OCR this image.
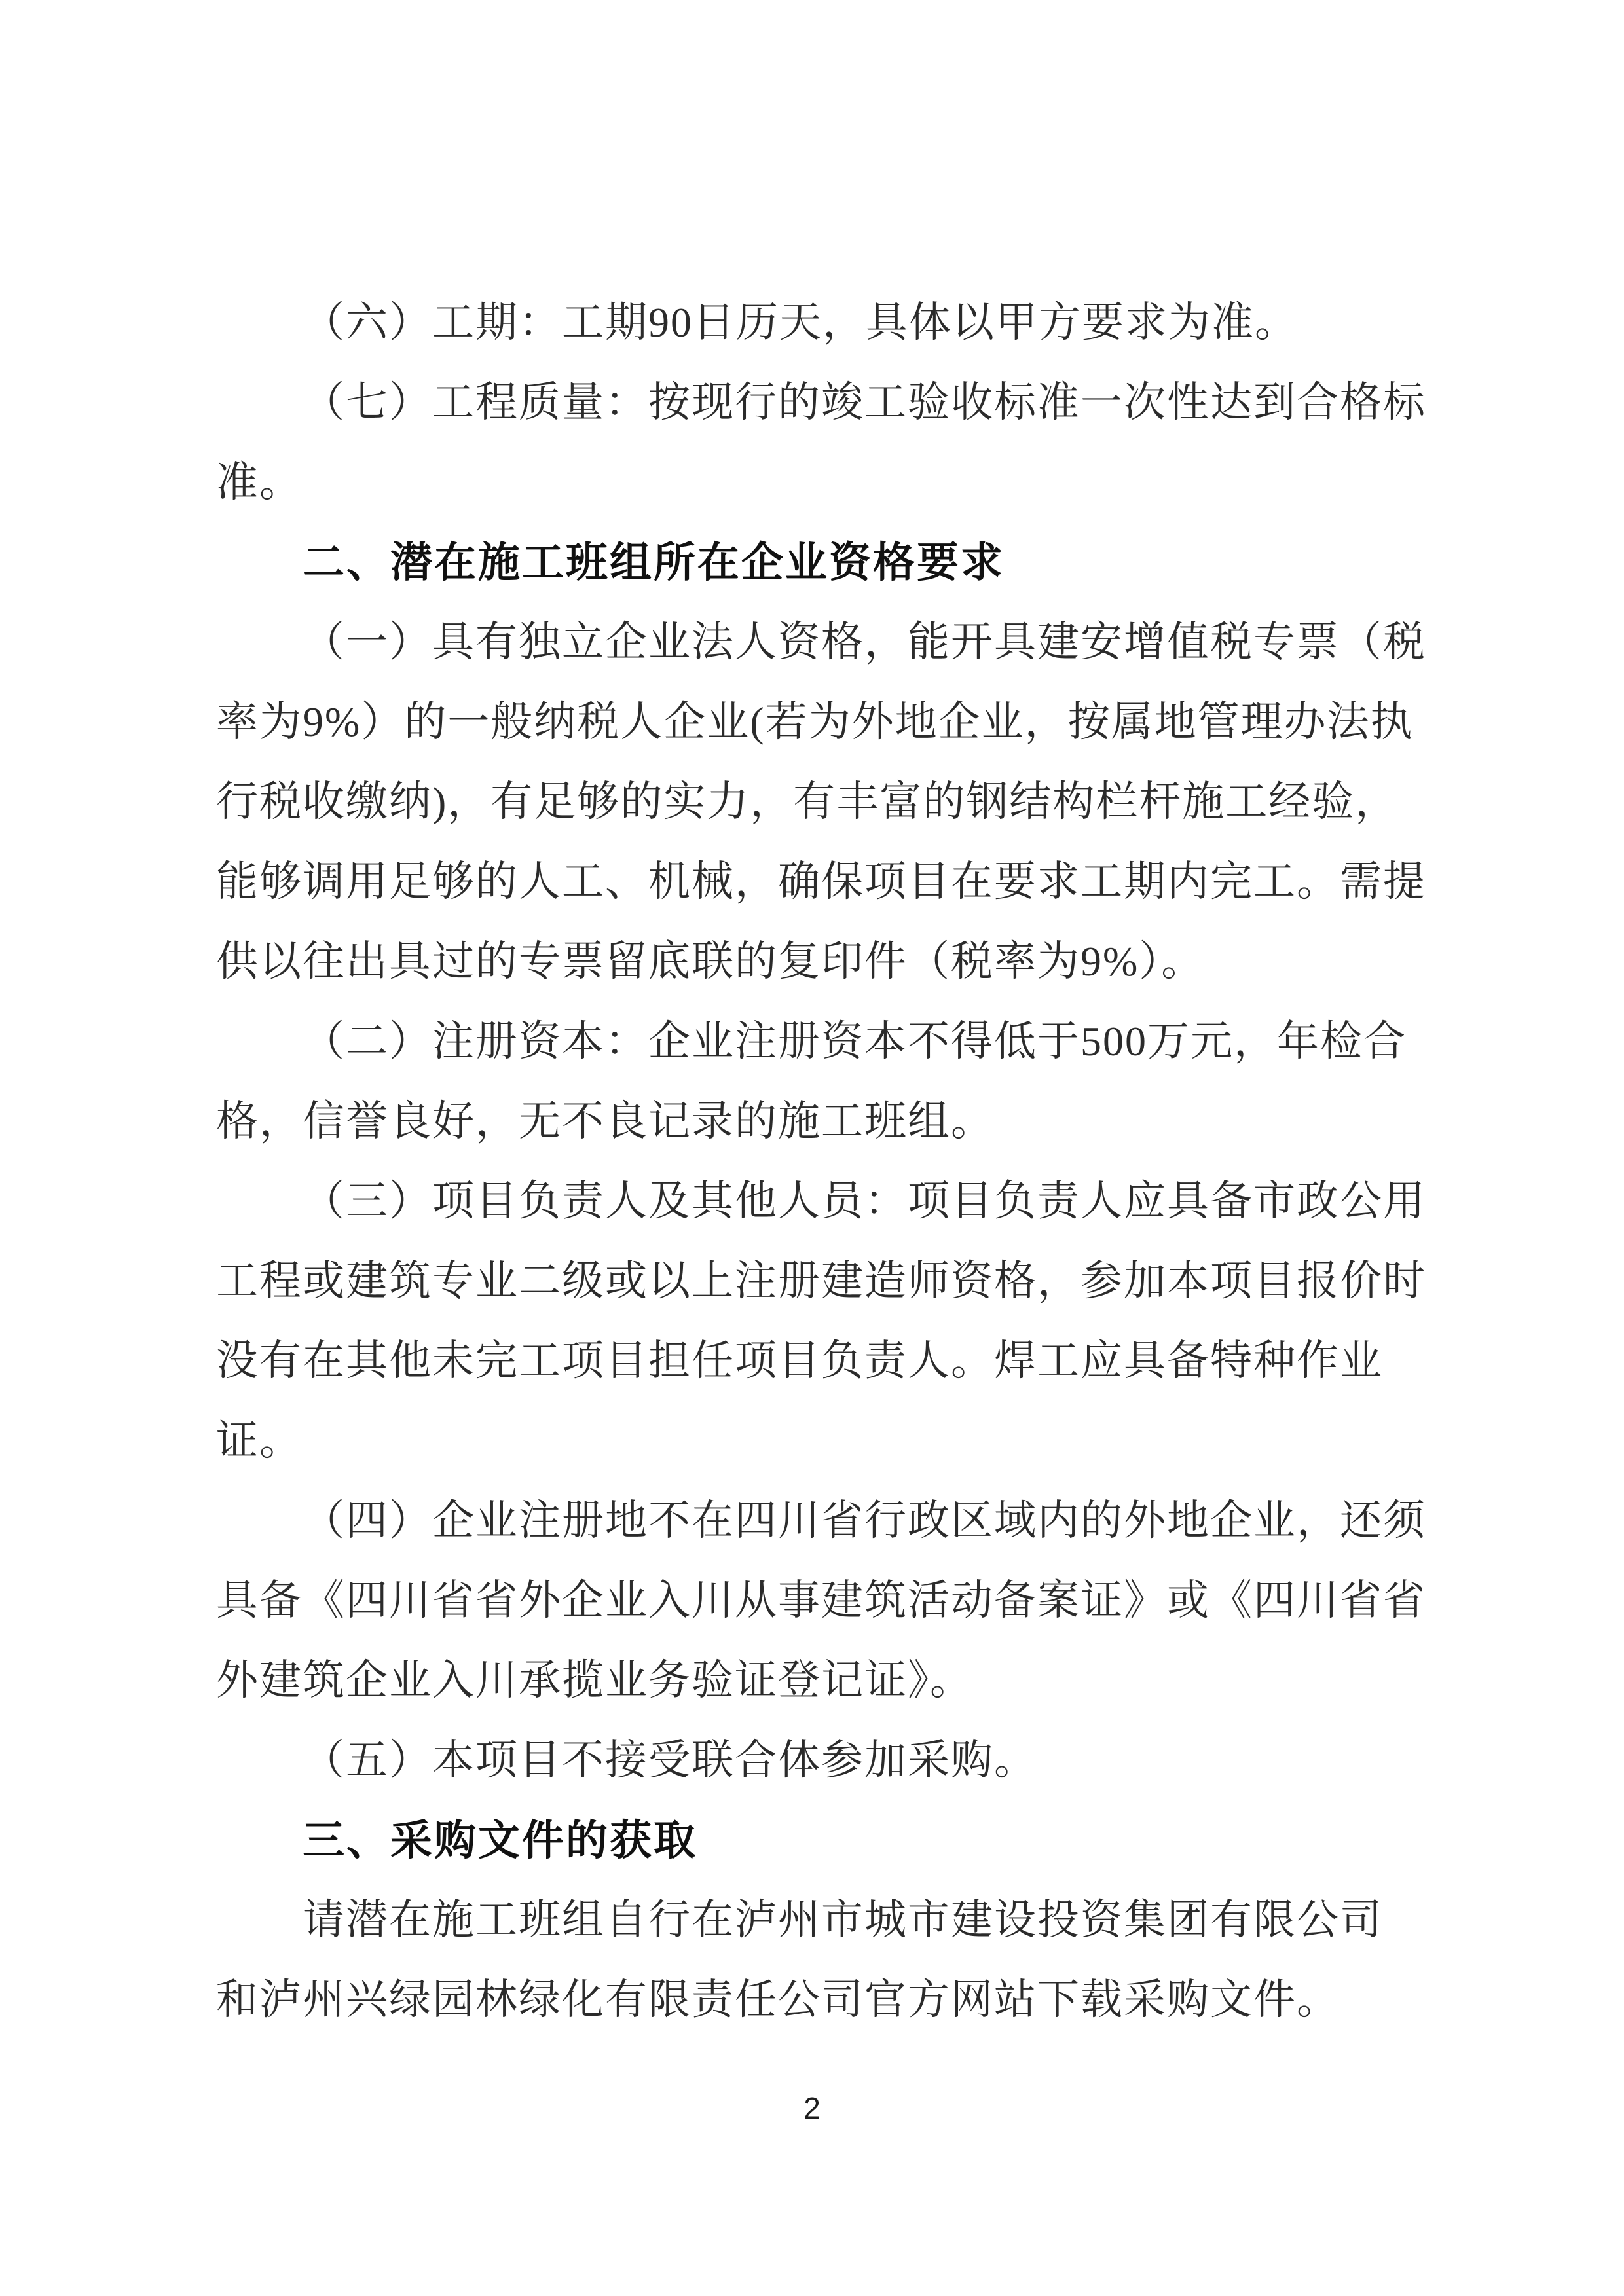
（六）工期：工期90日历天，具体以甲方要求为准。
（七）工程质量：按现行的竣工验收标准一次性达到合格标
准。
二、潜在施工班组所在企业资格要求
（一）具有独立企业法人资格，能开具建安增值税专票（税
率为9%）的一般纳税人企业(若为外地企业，按属地管理办法执
行税收缴纳)，有足够的实力，有丰富的钢结构栏杆施工经验，
能够调用足够的人工、机械，确保项目在要求工期内完工。需提
供以往出具过的专票留底联的复印件（税率为9%）。
（二）注册资本：企业注册资本不得低于500万元，年检合
格，信誉良好，无不良记录的施工班组。
（三）项目负责人及其他人员：项目负责人应具备市政公用
工程或建筑专业二级或以上注册建造师资格，参加本项目报价时
没有在其他未完工项目担任项目负责人。焊工应具备特种作业
证。
（四）企业注册地不在四川省行政区域内的外地企业，还须
具备《四川省省外企业入川从事建筑活动备案证》或《四川省省
外建筑企业入川承揽业务验证登记证》。
（五）本项目不接受联合体参加采购。
三、采购文件的获取
请潜在施工班组自行在泸州市城市建设投资集团有限公司
和泸州兴绿园林绿化有限责任公司官方网站下载采购文件。
2
